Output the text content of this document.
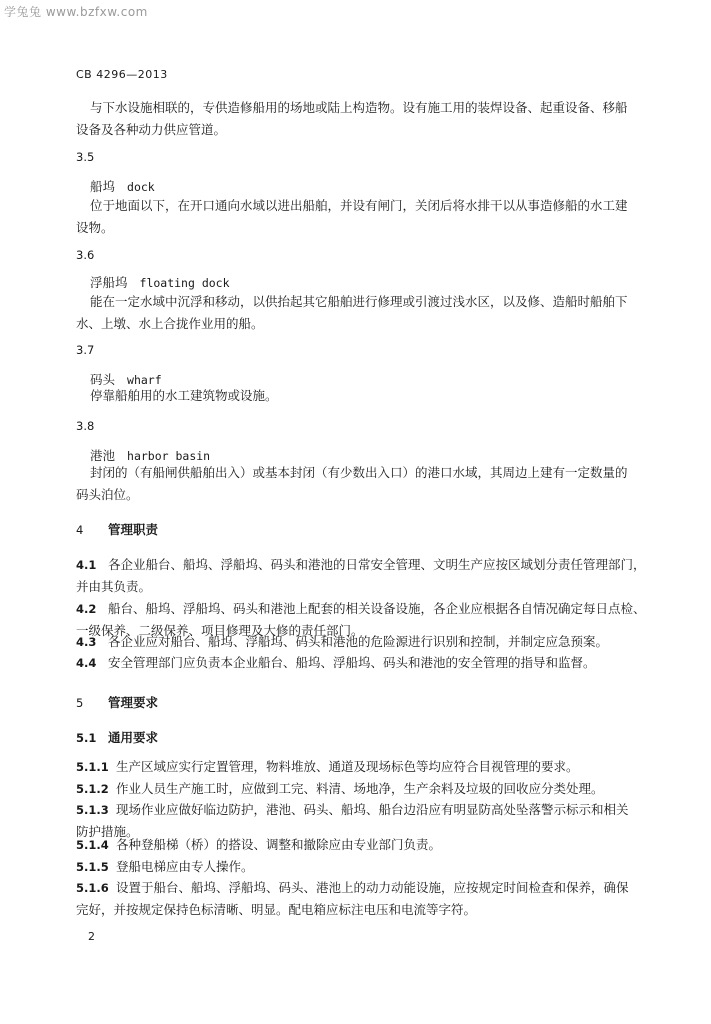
学兔兔 www.bzfxw.com
CB 4296—2013
与下水设施相联的，专供造修船用的场地或陆上构造物。设有施工用的装焊设备、起重设备、移船
设备及各种动力供应管道。
3.5
船坞 dock
位于地面以下，在开口通向水域以进出船舶，并设有闸门，关闭后将水排干以从事造修船的水工建
设物。
3.6
浮船坞 floating dock
能在一定水域中沉浮和移动，以供抬起其它船舶进行修理或引渡过浅水区，以及修、造船时船舶下
水、上墩、水上合拢作业用的船。
3.7
码头 wharf
停靠船舶用的水工建筑物或设施。
3.8
港池 harbor basin
封闭的（有船闸供船舶出入）或基本封闭（有少数出入口）的港口水域，其周边上建有一定数量的
码头泊位。
4 管理职责
4.1 各企业船台、船坞、浮船坞、码头和港池的日常安全管理、文明生产应按区域划分责任管理部门，
并由其负责。
4.2 船台、船坞、浮船坞、码头和港池上配套的相关设备设施，各企业应根据各自情况确定每日点检、
一级保养、二级保养、项目修理及大修的责任部门。
4.3 各企业应对船台、船坞、浮船坞、码头和港池的危险源进行识别和控制，并制定应急预案。
4.4 安全管理部门应负责本企业船台、船坞、浮船坞、码头和港池的安全管理的指导和监督。
5 管理要求
5.1 通用要求
5.1.1 生产区域应实行定置管理，物料堆放、通道及现场标色等均应符合目视管理的要求。
5.1.2 作业人员生产施工时，应做到工完、料清、场地净，生产余料及垃圾的回收应分类处理。
5.1.3 现场作业应做好临边防护，港池、码头、船坞、船台边沿应有明显防高处坠落警示标示和相关
防护措施。
5.1.4 各种登船梯（桥）的搭设、调整和撤除应由专业部门负责。
5.1.5 登船电梯应由专人操作。
5.1.6 设置于船台、船坞、浮船坞、码头、港池上的动力动能设施，应按规定时间检查和保养，确保
完好，并按规定保持色标清晰、明显。配电箱应标注电压和电流等字符。
2
